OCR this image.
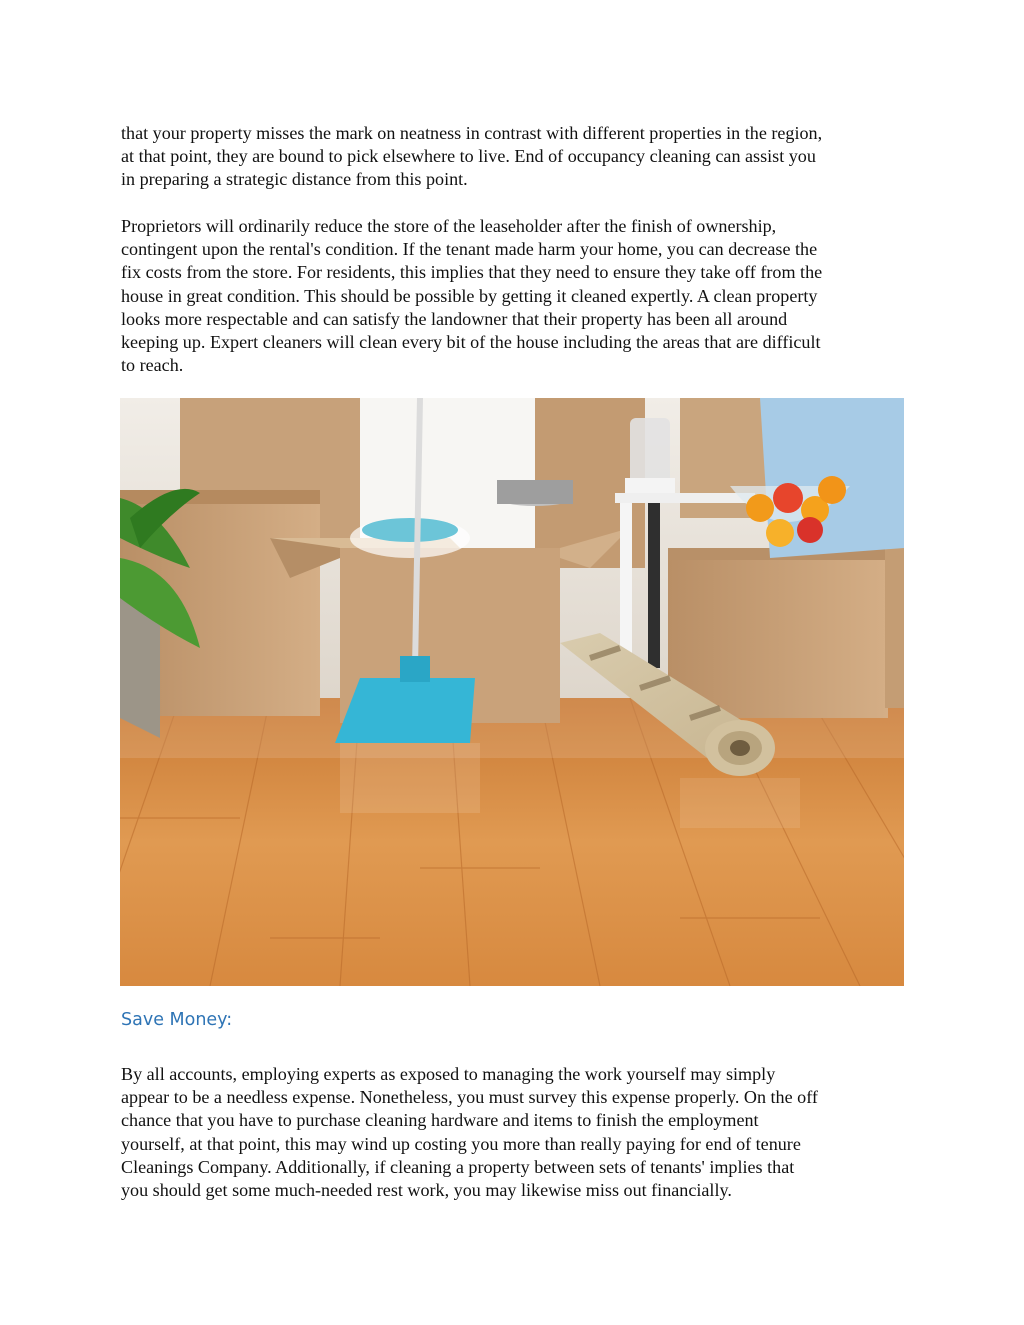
that your property misses the mark on neatness in contrast with different properties in the region,
at that point, they are bound to pick elsewhere to live. End of occupancy cleaning can assist you
in preparing a strategic distance from this point.

Proprietors will ordinarily reduce the store of the leaseholder after the finish of ownership,
contingent upon the rental's condition. If the tenant made harm your home, you can decrease the
fix costs from the store. For residents, this implies that they need to ensure they take off from the
house in great condition. This should be possible by getting it cleaned expertly. A clean property
looks more respectable and can satisfy the landowner that their property has been all around
keeping up. Expert cleaners will clean every bit of the house including the areas that are difficult
to reach.

Save Money:

By all accounts, employing experts as exposed to managing the work yourself may simply
appear to be a needless expense. Nonetheless, you must survey this expense properly. On the off
chance that you have to purchase cleaning hardware and items to finish the employment
yourself, at that point, this may wind up costing you more than really paying for end of tenure
Cleanings Company. Additionally, if cleaning a property between sets of tenants' implies that
you should get some much-needed rest work, you may likewise miss out financially.
